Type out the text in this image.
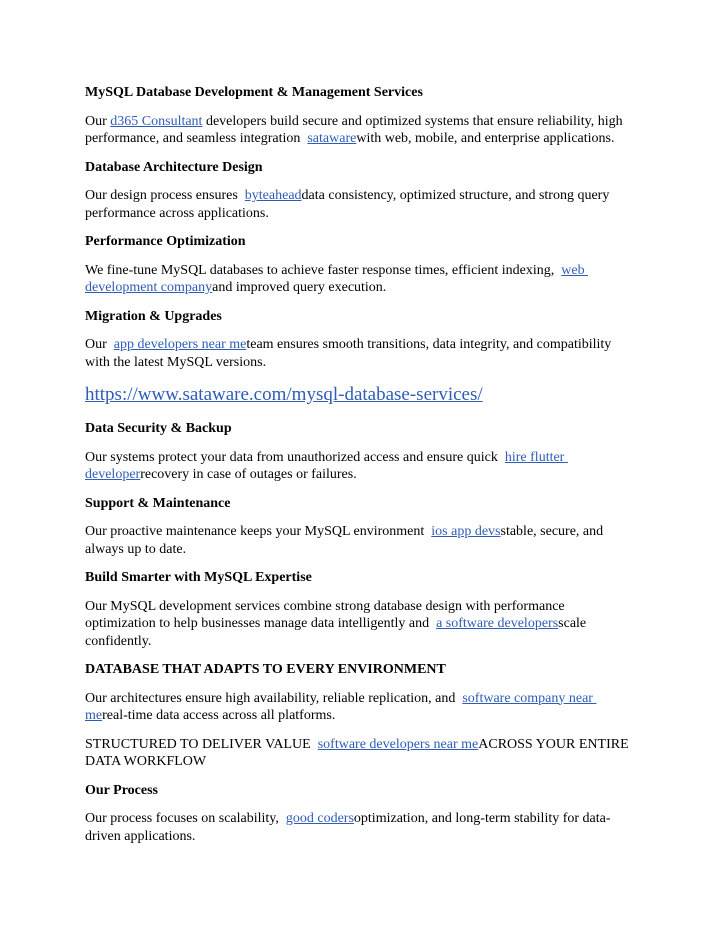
MySQL Database Development & Management Services

Our d365 Consultant developers build secure and optimized systems that ensure reliability, high performance, and seamless integration  satawarewith web, mobile, and enterprise applications.

Database Architecture Design

Our design process ensures  byteaheaddata consistency, optimized structure, and strong query performance across applications.

Performance Optimization

We fine-tune MySQL databases to achieve faster response times, efficient indexing,  web development companyand improved query execution.

Migration & Upgrades

Our  app developers near meteam ensures smooth transitions, data integrity, and compatibility with the latest MySQL versions.

https://www.sataware.com/mysql-database-services/

Data Security & Backup

Our systems protect your data from unauthorized access and ensure quick  hire flutter developerrecovery in case of outages or failures.

Support & Maintenance

Our proactive maintenance keeps your MySQL environment  ios app devsstable, secure, and always up to date.

Build Smarter with MySQL Expertise

Our MySQL development services combine strong database design with performance optimization to help businesses manage data intelligently and  a software developersscale confidently.

DATABASE THAT ADAPTS TO EVERY ENVIRONMENT

Our architectures ensure high availability, reliable replication, and  software company near mereal-time data access across all platforms.

STRUCTURED TO DELIVER VALUE  software developers near meACROSS YOUR ENTIRE DATA WORKFLOW

Our Process

Our process focuses on scalability,  good codersoptimization, and long-term stability for data-driven applications.
